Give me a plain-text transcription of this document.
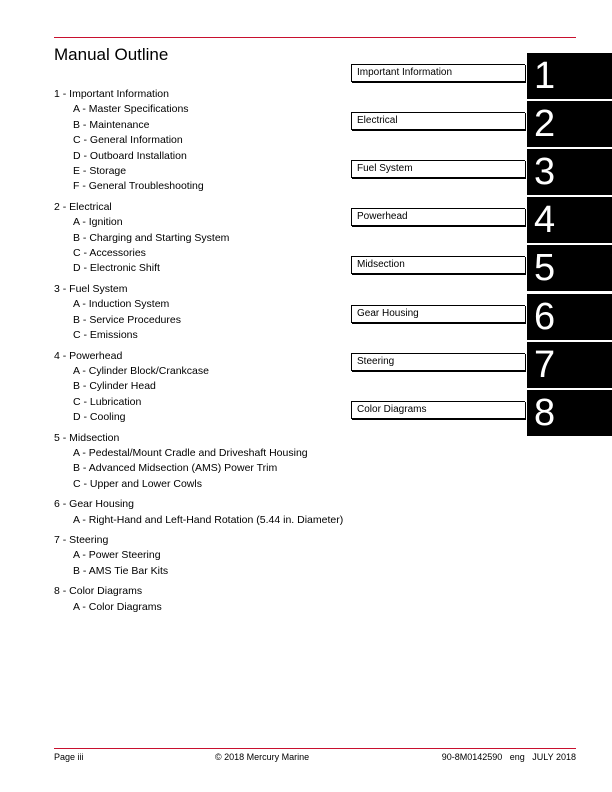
Manual Outline
1 - Important Information
A - Master Specifications
B - Maintenance
C - General Information
D - Outboard Installation
E - Storage
F - General Troubleshooting
2 - Electrical
A - Ignition
B - Charging and Starting System
C - Accessories
D - Electronic Shift
3 - Fuel System
A - Induction System
B - Service Procedures
C - Emissions
4 - Powerhead
A - Cylinder Block/Crankcase
B - Cylinder Head
C - Lubrication
D - Cooling
5 - Midsection
A - Pedestal/Mount Cradle and Driveshaft Housing
B - Advanced Midsection (AMS) Power Trim
C - Upper and Lower Cowls
6 - Gear Housing
A - Right-Hand and Left-Hand Rotation (5.44 in. Diameter)
7 - Steering
A - Power Steering
B - AMS Tie Bar Kits
8 - Color Diagrams
A - Color Diagrams
Important Information	1
Electrical	2
Fuel System	3
Powerhead	4
Midsection	5
Gear Housing	6
Steering	7
Color Diagrams	8
Page iii	© 2018 Mercury Marine	90-8M0142590   eng   JULY 2018
